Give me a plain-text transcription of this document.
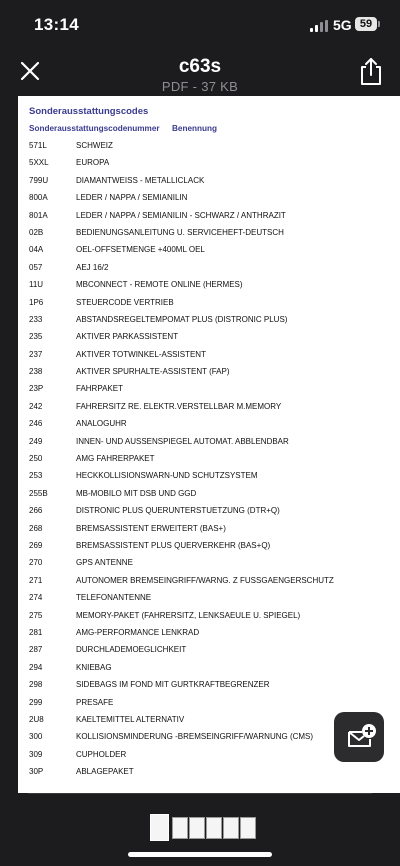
13:14	5G 59
c63s
PDF - 37 KB
Sonderausstattungscodes
Sonderausstattungscodenummer Benennung
571L	SCHWEIZ
5XXL	EUROPA
799U	DIAMANTWEISS - METALLICLACK
800A	LEDER / NAPPA / SEMIANILIN
801A	LEDER / NAPPA / SEMIANILIN - SCHWARZ / ANTHRAZIT
02B	BEDIENUNGSANLEITUNG U. SERVICEHEFT-DEUTSCH
04A	OEL-OFFSETMENGE +400ML OEL
057	AEJ 16/2
11U	MBCONNECT - REMOTE ONLINE (HERMES)
1P6	STEUERCODE VERTRIEB
233	ABSTANDSREGELTEMPOMAT PLUS (DISTRONIC PLUS)
235	AKTIVER PARKASSISTENT
237	AKTIVER TOTWINKEL-ASSISTENT
238	AKTIVER SPURHALTE-ASSISTENT (FAP)
23P	FAHRPAKET
242	FAHRERSITZ RE. ELEKTR.VERSTELLBAR M.MEMORY
246	ANALOGUHR
249	INNEN- UND AUSSENSPIEGEL AUTOMAT. ABBLENDBAR
250	AMG FAHRERPAKET
253	HECKKOLLISIONSWARN-UND SCHUTZSYSTEM
255B	MB-MOBILO MIT DSB UND GGD
266	DISTRONIC PLUS QUERUNTERSTUETZUNG (DTR+Q)
268	BREMSASSISTENT ERWEITERT (BAS+)
269	BREMSASSISTENT PLUS QUERVERKEHR (BAS+Q)
270	GPS ANTENNE
271	AUTONOMER BREMSEINGRIFF/WARNG. Z FUSSGAENGERSCHUTZ
274	TELEFONANTENNE
275	MEMORY-PAKET (FAHRERSITZ, LENKSAEULE U. SPIEGEL)
281	AMG-PERFORMANCE LENKRAD
287	DURCHLADEMOEGLICHKEIT
294	KNIEBAG
298	SIDEBAGS IM FOND MIT GURTKRAFTBEGRENZER
299	PRESAFE
2U8	KAELTEMITTEL ALTERNATIV
300	KOLLISIONSMINDERUNG -BREMSEINGRIFF/WARNUNG (CMS)
309	CUPHOLDER
30P	ABLAGEPAKET
